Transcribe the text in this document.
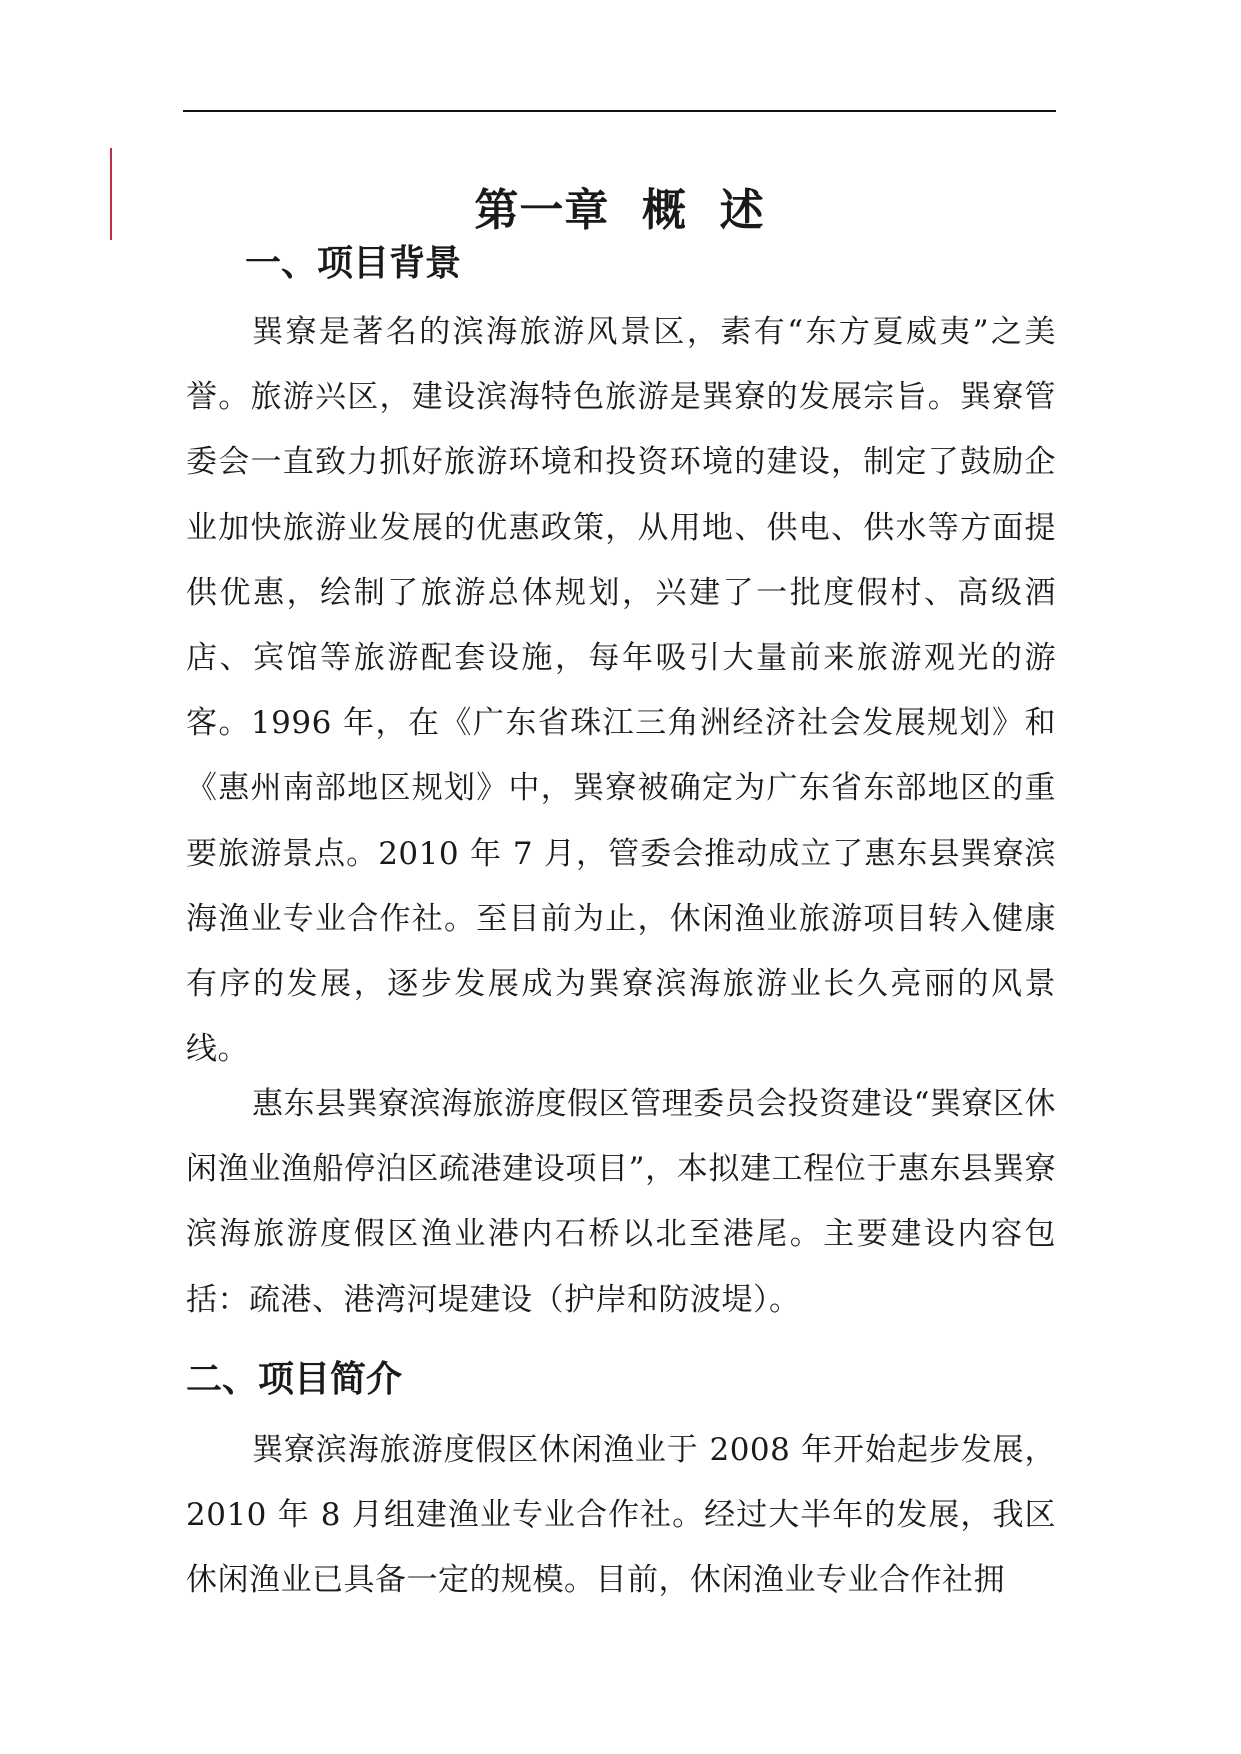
第一章  概  述
一、项目背景

巽寮是著名的滨海旅游风景区，素有“东方夏威夷”之美誉。旅游兴区，建设滨海特色旅游是巽寮的发展宗旨。巽寮管委会一直致力抓好旅游环境和投资环境的建设，制定了鼓励企业加快旅游业发展的优惠政策，从用地、供电、供水等方面提供优惠，绘制了旅游总体规划，兴建了一批度假村、高级酒店、宾馆等旅游配套设施，每年吸引大量前来旅游观光的游客。1996 年，在《广东省珠江三角洲经济社会发展规划》和《惠州南部地区规划》中，巽寮被确定为广东省东部地区的重要旅游景点。2010 年 7 月，管委会推动成立了惠东县巽寮滨海渔业专业合作社。至目前为止，休闲渔业旅游项目转入健康有序的发展，逐步发展成为巽寮滨海旅游业长久亮丽的风景线。

惠东县巽寮滨海旅游度假区管理委员会投资建设“巽寮区休闲渔业渔船停泊区疏港建设项目”，本拟建工程位于惠东县巽寮滨海旅游度假区渔业港内石桥以北至港尾。主要建设内容包括：疏港、港湾河堤建设（护岸和防波堤）。

二、项目简介

巽寮滨海旅游度假区休闲渔业于 2008 年开始起步发展，2010 年 8 月组建渔业专业合作社。经过大半年的发展，我区休闲渔业已具备一定的规模。目前，休闲渔业专业合作社拥
